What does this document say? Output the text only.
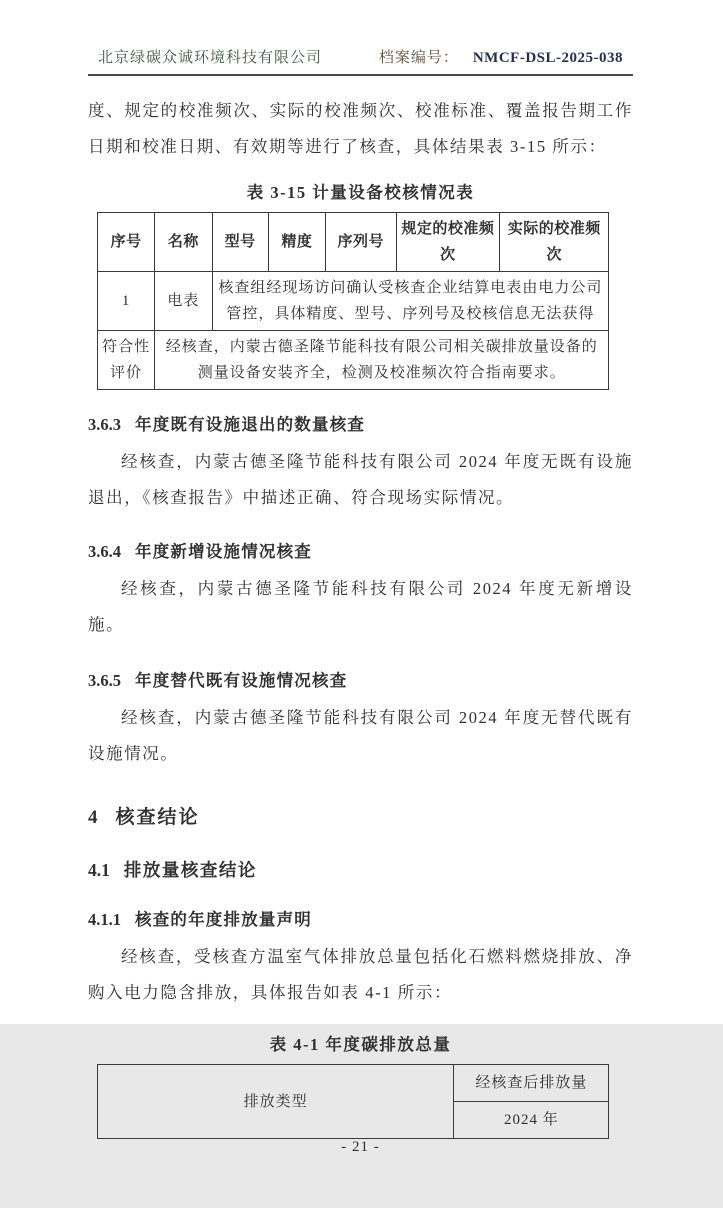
北京绿碳众诚环境科技有限公司	档案编号： NMCF-DSL-2025-038

度、规定的校准频次、实际的校准频次、校准标准、覆盖报告期工作日期和校准日期、有效期等进行了核查，具体结果表 3-15 所示：

表 3-15 计量设备校核情况表
序号	名称	型号	精度	序列号	规定的校准频次	实际的校准频次
1	电表	核查组经现场访问确认受核查企业结算电表由电力公司管控，具体精度、型号、序列号及校核信息无法获得				
符合性评价	经核查，内蒙古德圣隆节能科技有限公司相关碳排放量设备的测量设备安装齐全，检测及校准频次符合指南要求。					
3.6.3 年度既有设施退出的数量核查

经核查，内蒙古德圣隆节能科技有限公司 2024 年度无既有设施退出，《核查报告》中描述正确、符合现场实际情况。

3.6.4 年度新增设施情况核查

经核查，内蒙古德圣隆节能科技有限公司 2024 年度无新增设施。

3.6.5 年度替代既有设施情况核查

经核查，内蒙古德圣隆节能科技有限公司 2024 年度无替代既有设施情况。

4 核查结论
4.1 排放量核查结论
4.1.1 核查的年度排放量声明

经核查，受核查方温室气体排放总量包括化石燃料燃烧排放、净购入电力隐含排放，具体报告如表 4-1 所示：

表 4-1 年度碳排放总量
排放类型	经核查后排放量
2024 年
- 21 -
